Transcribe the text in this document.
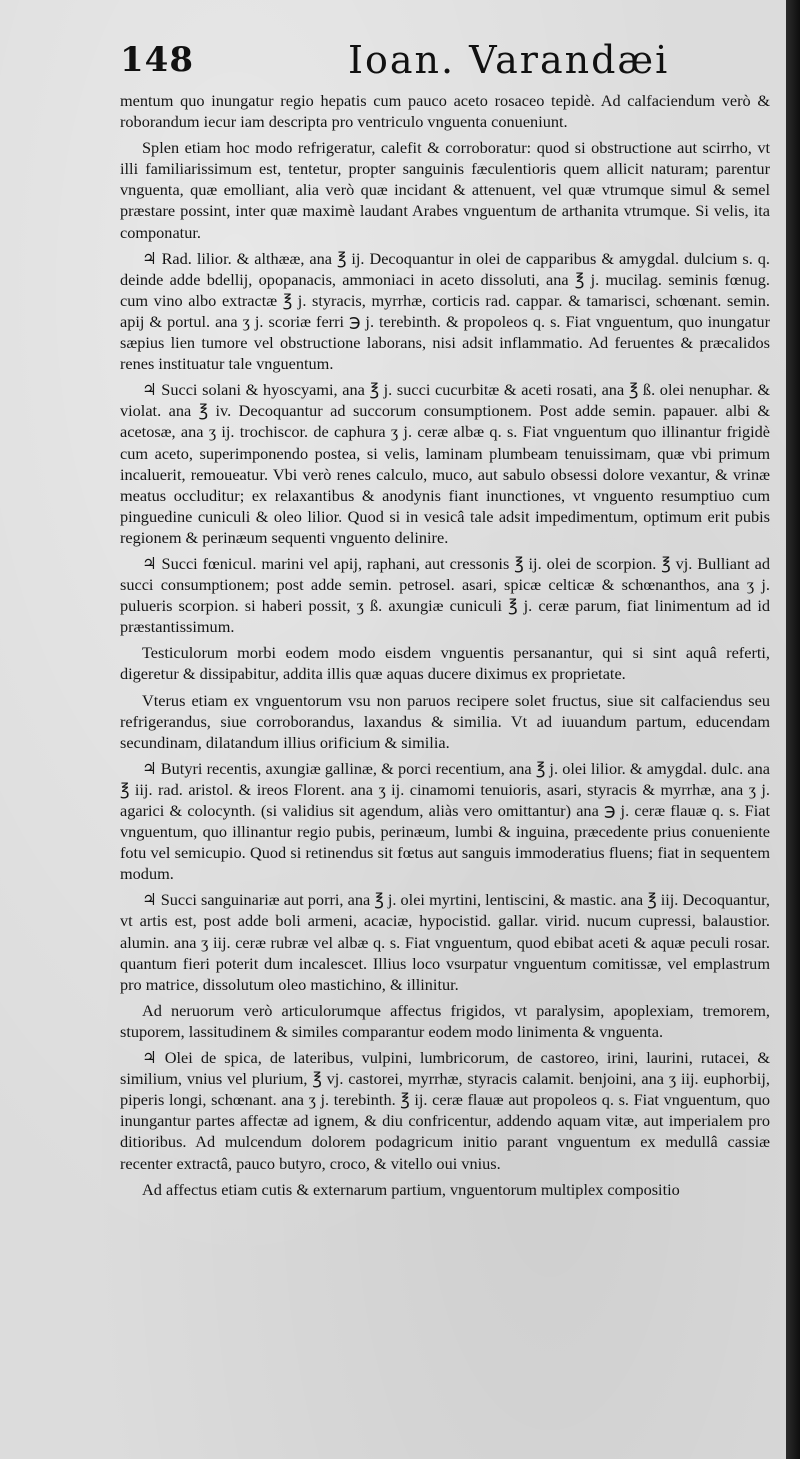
148	Ioan. Varandæi

mentum quo inungatur regio hepatis cum pauco aceto rosaceo tepidè. Ad calfaciendum verò & roborandum iecur iam descripta pro ventriculo vnguenta conueniunt.

Splen etiam hoc modo refrigeratur, calefit & corroboratur: quod si obstructione aut scirrho, vt illi familiarissimum est, tentetur, propter sanguinis fæculentioris quem allicit naturam; parentur vnguenta, quæ emolliant, alia verò quæ incidant & attenuent, vel quæ vtrumque simul & semel præstare possint, inter quæ maximè laudant Arabes vnguentum de arthanita vtrumque. Si velis, ita componatur.

♃ Rad. lilior. & althææ, ana ℥ ij. Decoquantur in olei de capparibus & amygdal. dulcium s. q. deinde adde bdellij, opopanacis, ammoniaci in aceto dissoluti, ana ℥ j. mucilag. seminis fœnug. cum vino albo extractæ ℥ j. styracis, myrrhæ, corticis rad. cappar. & tamarisci, schœnant. semin. apij & portul. ana ʒ j. scoriæ ferri ℈ j. terebinth. & propoleos q. s. Fiat vnguentum, quo inungatur sæpius lien tumore vel obstructione laborans, nisi adsit inflammatio. Ad feruentes & præcalidos renes instituatur tale vnguentum.

♃ Succi solani & hyoscyami, ana ℥ j. succi cucurbitæ & aceti rosati, ana ℥ ß. olei nenuphar. & violat. ana ℥ iv. Decoquantur ad succorum consumptionem. Post adde semin. papauer. albi & acetosæ, ana ʒ ij. trochiscor. de caphura ʒ j. ceræ albæ q. s. Fiat vnguentum quo illinantur frigidè cum aceto, superimponendo postea, si velis, laminam plumbeam tenuissimam, quæ vbi primum incaluerit, remoueatur. Vbi verò renes calculo, muco, aut sabulo obsessi dolore vexantur, & vrinæ meatus occluditur; ex relaxantibus & anodynis fiant inunctiones, vt vnguento resumptiuo cum pinguedine cuniculi & oleo lilior. Quod si in vesicâ tale adsit impedimentum, optimum erit pubis regionem & perinæum sequenti vnguento delinire.

♃ Succi fœnicul. marini vel apij, raphani, aut cressonis ℥ ij. olei de scorpion. ℥ vj. Bulliant ad succi consumptionem; post adde semin. petrosel. asari, spicæ celticæ & schœnanthos, ana ʒ j. pulueris scorpion. si haberi possit, ʒ ß. axungiæ cuniculi ℥ j. ceræ parum, fiat linimentum ad id præstantissimum.

Testiculorum morbi eodem modo eisdem vnguentis persanantur, qui si sint aquâ referti, digeretur & dissipabitur, addita illis quæ aquas ducere diximus ex proprietate.

Vterus etiam ex vnguentorum vsu non paruos recipere solet fructus, siue sit calfaciendus seu refrigerandus, siue corroborandus, laxandus & similia. Vt ad iuuandum partum, educendam secundinam, dilatandum illius orificium & similia.

♃ Butyri recentis, axungiæ gallinæ, & porci recentium, ana ℥ j. olei lilior. & amygdal. dulc. ana ℥ iij. rad. aristol. & ireos Florent. ana ʒ ij. cinamomi tenuioris, asari, styracis & myrrhæ, ana ʒ j. agarici & colocynth. (si validius sit agendum, aliàs vero omittantur) ana ℈ j. ceræ flauæ q. s. Fiat vnguentum, quo illinantur regio pubis, perinæum, lumbi & inguina, præcedente prius conueniente fotu vel semicupio. Quod si retinendus sit fœtus aut sanguis immoderatius fluens; fiat in sequentem modum.

♃ Succi sanguinariæ aut porri, ana ℥ j. olei myrtini, lentiscini, & mastic. ana ℥ iij. Decoquantur, vt artis est, post adde boli armeni, acaciæ, hypocistid. gallar. virid. nucum cupressi, balaustior. alumin. ana ʒ iij. ceræ rubræ vel albæ q. s. Fiat vnguentum, quod ebibat aceti & aquæ peculi rosar. quantum fieri poterit dum incalescet. Illius loco vsurpatur vnguentum comitissæ, vel emplastrum pro matrice, dissolutum oleo mastichino, & illinitur.

Ad neruorum verò articulorumque affectus frigidos, vt paralysim, apoplexiam, tremorem, stuporem, lassitudinem & similes comparantur eodem modo linimenta & vnguenta.

♃ Olei de spica, de lateribus, vulpini, lumbricorum, de castoreo, irini, laurini, rutacei, & similium, vnius vel plurium, ℥ vj. castorei, myrrhæ, styracis calamit. benjoini, ana ʒ iij. euphorbij, piperis longi, schœnant. ana ʒ j. terebinth. ℥ ij. ceræ flauæ aut propoleos q. s. Fiat vnguentum, quo inungantur partes affectæ ad ignem, & diu confricentur, addendo aquam vitæ, aut imperialem pro ditioribus. Ad mulcendum dolorem podagricum initio parant vnguentum ex medullâ cassiæ recenter extractâ, pauco butyro, croco, & vitello oui vnius.

Ad affectus etiam cutis & externarum partium, vnguentorum multiplex compositio
